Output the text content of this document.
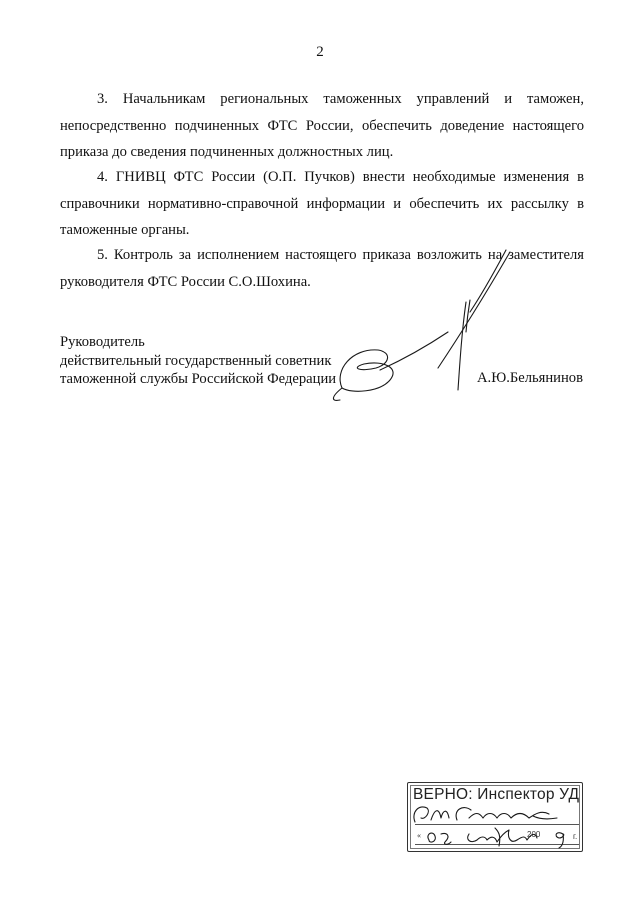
2

3. Начальникам региональных таможенных управлений и таможен, непосредственно подчиненных ФТС России, обеспечить доведение настоящего приказа до сведения подчиненных должностных лиц.

4. ГНИВЦ ФТС России (О.П. Пучков) внести необходимые изменения в справочники нормативно-справочной информации и обеспечить их рассылку в таможенные органы.

5. Контроль за исполнением настоящего приказа возложить на заместителя руководителя ФТС России С.О.Шохина.

Руководитель
действительный государственный советник
таможенной службы Российской Федерации	А.Ю.Бельянинов
ВЕРНО: Инспектор УД
«	200	г.
